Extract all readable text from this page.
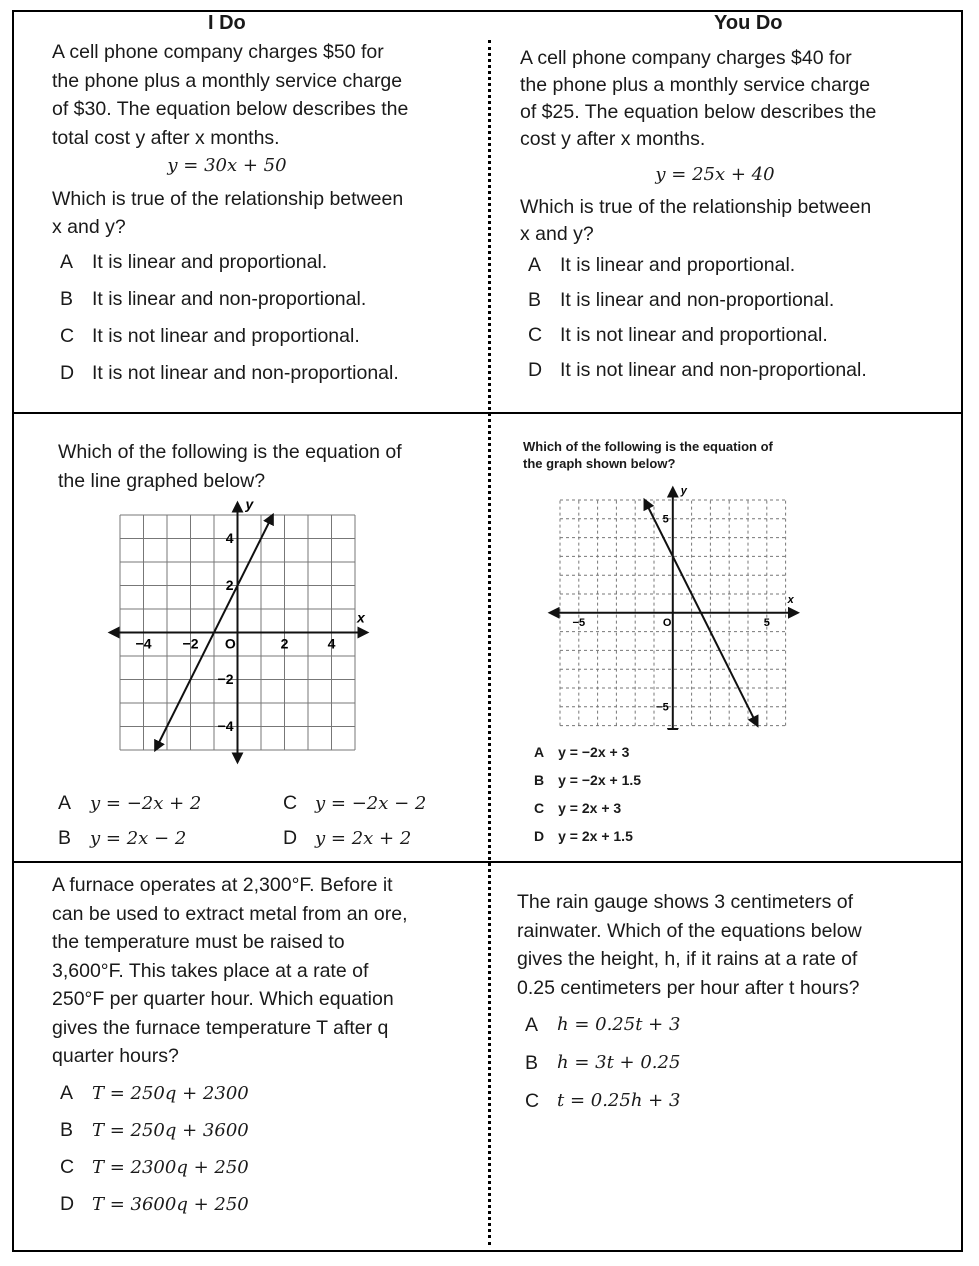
I Do	You Do

A cell phone company charges $50 for

the phone plus a monthly service charge

of $30. The equation below describes the

total cost y after x months.

y = 30x + 50

Which is true of the relationship between

x and y?

A It is linear and proportional.
B It is linear and non-proportional.
C It is not linear and proportional.
D It is not linear and non-proportional.

A cell phone company charges $40 for

the phone plus a monthly service charge

of $25. The equation below describes the

cost y after x months.

y = 25x + 40

Which is true of the relationship between

x and y?

A It is linear and proportional.
B It is linear and non-proportional.
C It is not linear and proportional.
D It is not linear and non-proportional.

Which of the following is the equation of

the line graphed below?

x
y
O
−4 −2	2	4
4
2
−2
−4
A y = −2x + 2	C y = −2x − 2
B y = 2x − 2	D y = 2x + 2

Which of the following is the equation of

the graph shown below?

x
y
O
−5	5
5
−5
A y = −2x + 3
B y = −2x + 1.5
C y = 2x + 3
D y = 2x + 1.5

A furnace operates at 2,300°F. Before it

can be used to extract metal from an ore,

the temperature must be raised to

3,600°F. This takes place at a rate of

250°F per quarter hour. Which equation

gives the furnace temperature T after q

quarter hours?

A T = 250q + 2300
B T = 250q + 3600
C T = 2300q + 250
D T = 3600q + 250

The rain gauge shows 3 centimeters of

rainwater. Which of the equations below

gives the height, h, if it rains at a rate of

0.25 centimeters per hour after t hours?

A h = 0.25t + 3
B h = 3t + 0.25
C t = 0.25h + 3
